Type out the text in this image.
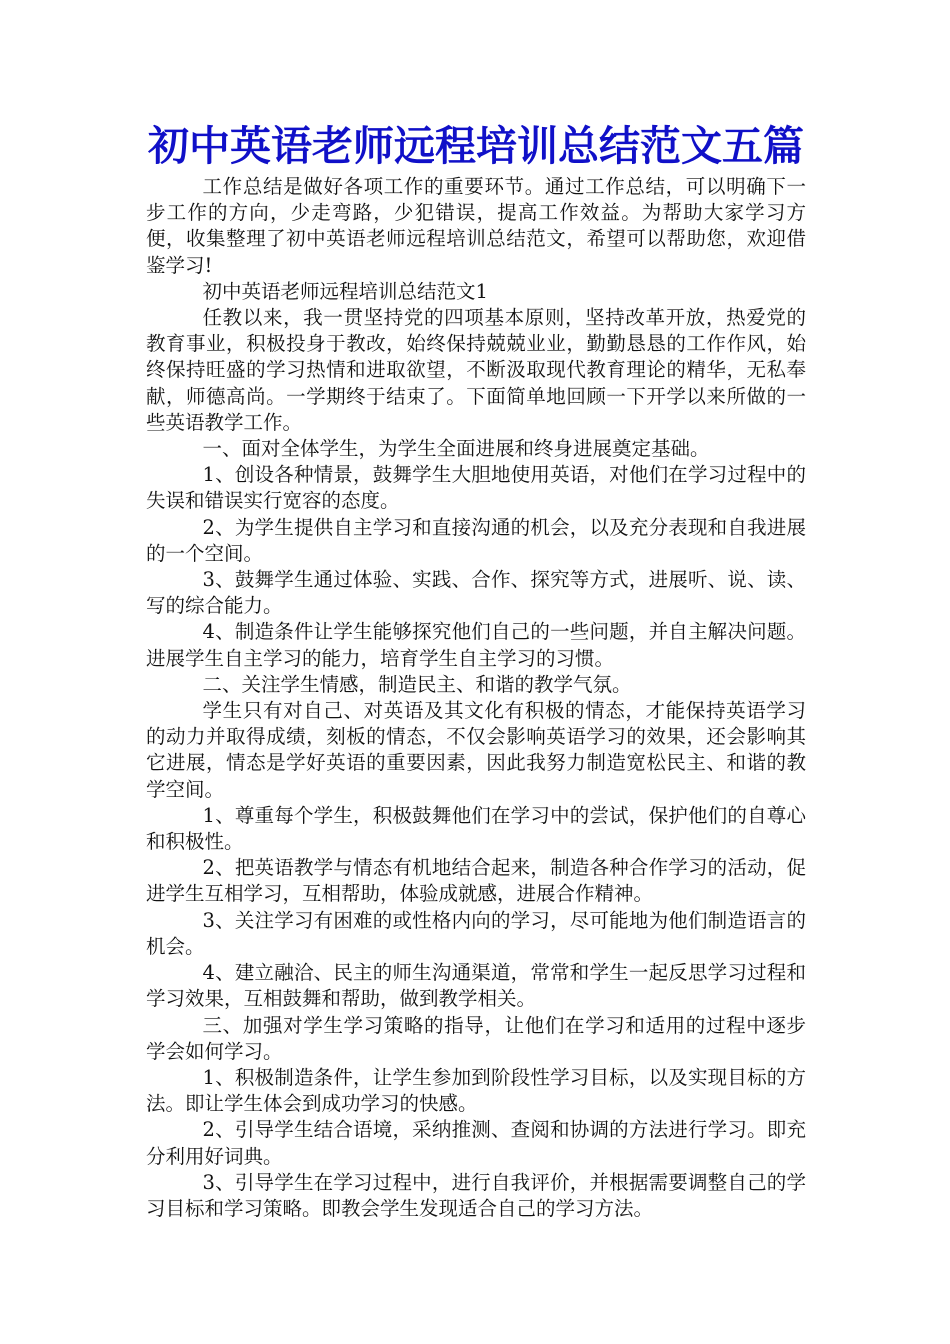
初中英语老师远程培训总结范文五篇

工作总结是做好各项工作的重要环节。通过工作总结，可以明确下一步工作的方向，少走弯路，少犯错误，提高工作效益。为帮助大家学习方便，收集整理了初中英语老师远程培训总结范文，希望可以帮助您，欢迎借鉴学习!

初中英语老师远程培训总结范文1

任教以来，我一贯坚持党的四项基本原则，坚持改革开放，热爱党的教育事业，积极投身于教改，始终保持兢兢业业，勤勤恳恳的工作作风，始终保持旺盛的学习热情和进取欲望，不断汲取现代教育理论的精华，无私奉献，师德高尚。一学期终于结束了。下面简单地回顾一下开学以来所做的一些英语教学工作。

一、面对全体学生，为学生全面进展和终身进展奠定基础。

1、创设各种情景，鼓舞学生大胆地使用英语，对他们在学习过程中的失误和错误实行宽容的态度。

2、为学生提供自主学习和直接沟通的机会，以及充分表现和自我进展的一个空间。

3、鼓舞学生通过体验、实践、合作、探究等方式，进展听、说、读、写的综合能力。

4、制造条件让学生能够探究他们自己的一些问题，并自主解决问题。进展学生自主学习的能力，培育学生自主学习的习惯。

二、关注学生情感，制造民主、和谐的教学气氛。

学生只有对自己、对英语及其文化有积极的情态，才能保持英语学习的动力并取得成绩，刻板的情态，不仅会影响英语学习的效果，还会影响其它进展，情态是学好英语的重要因素，因此我努力制造宽松民主、和谐的教学空间。

1、尊重每个学生，积极鼓舞他们在学习中的尝试，保护他们的自尊心和积极性。

2、把英语教学与情态有机地结合起来，制造各种合作学习的活动，促进学生互相学习，互相帮助，体验成就感，进展合作精神。

3、关注学习有困难的或性格内向的学习，尽可能地为他们制造语言的机会。

4、建立融洽、民主的师生沟通渠道，常常和学生一起反思学习过程和学习效果，互相鼓舞和帮助，做到教学相关。

三、加强对学生学习策略的指导，让他们在学习和适用的过程中逐步学会如何学习。

1、积极制造条件，让学生参加到阶段性学习目标，以及实现目标的方法。即让学生体会到成功学习的快感。

2、引导学生结合语境，采纳推测、查阅和协调的方法进行学习。即充分利用好词典。

3、引导学生在学习过程中，进行自我评价，并根据需要调整自己的学习目标和学习策略。即教会学生发现适合自己的学习方法。
